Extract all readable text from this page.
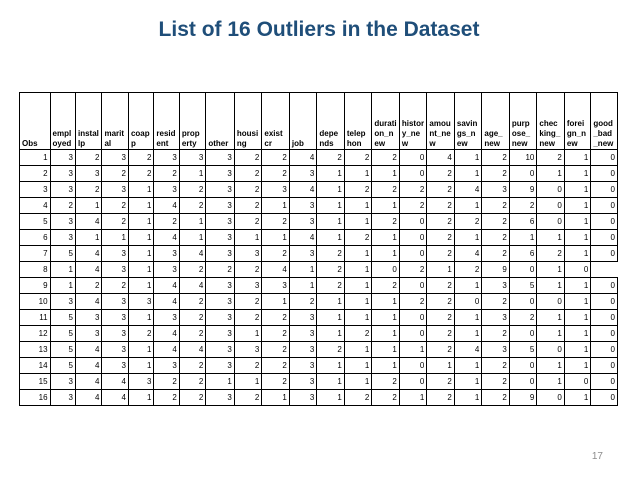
List of 16 Outliers in the Dataset
Obs	employed	installp	marital	coapp	resident	property	other	housing	existcr	job	depends	telephon	duration_new	history_new	amount_new	savings_new	age_new	purpose_new	checking_new	foreign_new	good_bad_new
1	3	2	3	2	3	3	3	2	2	4	2	2	2	0	4	1	2	10	2	1	0
2	3	3	2	2	2	1	3	2	2	3	1	1	1	0	2	1	2	0	1	1	0
3	3	2	3	1	3	2	3	2	3	4	1	2	2	2	2	4	3	9	0	1	0
4	2	1	2	1	4	2	3	2	1	3	1	1	1	2	2	1	2	2	0	1	0
5	3	4	2	1	2	1	3	2	2	3	1	1	2	0	2	2	2	6	0	1	0
6	3	1	1	1	4	1	3	1	1	4	1	2	1	0	2	1	2	1	1	1	0
7	5	4	3	1	3	4	3	3	2	3	2	1	1	0	2	4	2	6	2	1	0
8	1	4	3	1	3	2	2	2	4	1	2	1	0	2	1	2	9	0	1	0	
9	1	2	2	1	4	4	3	3	3	1	2	1	2	0	2	1	3	5	1	1	0
10	3	4	3	3	4	2	3	2	1	2	1	1	1	2	2	0	2	0	0	1	0
11	5	3	3	1	3	2	3	2	2	3	1	1	1	0	2	1	3	2	1	1	0
12	5	3	3	2	4	2	3	1	2	3	1	2	1	0	2	1	2	0	1	1	0
13	5	4	3	1	4	4	3	3	2	3	2	1	1	1	2	4	3	5	0	1	0
14	5	4	3	1	3	2	3	2	2	3	1	1	1	0	1	1	2	0	1	1	0
15	3	4	4	3	2	2	1	1	2	3	1	1	2	0	2	1	2	0	1	0	0
16	3	4	4	1	2	2	3	2	1	3	1	2	2	1	2	1	2	9	0	1	0
17
